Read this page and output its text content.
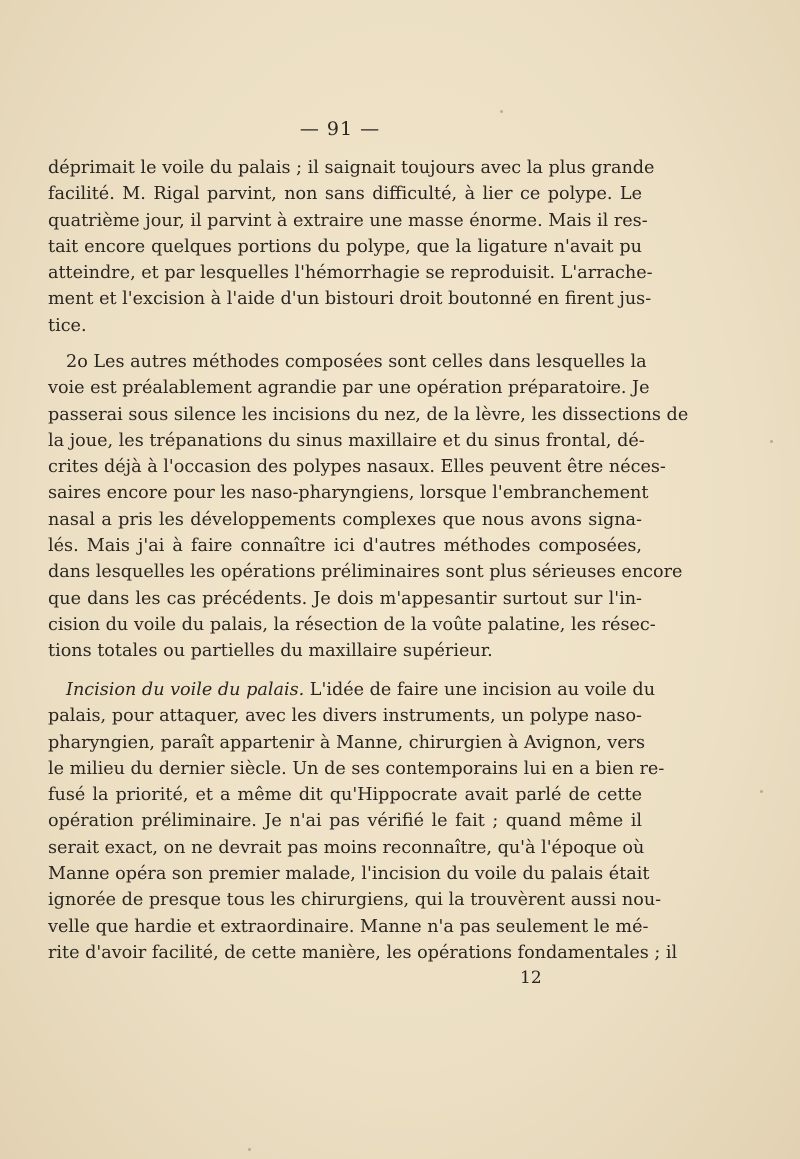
— 91 —
déprimait le voile du palais ; il saignait toujours avec la plus grande
facilité. M. Rigal parvint, non sans difficulté, à lier ce polype. Le
quatrième jour, il parvint à extraire une masse énorme. Mais il res-
tait encore quelques portions du polype, que la ligature n'avait pu
atteindre, et par lesquelles l'hémorrhagie se reproduisit. L'arrache-
ment et l'excision à l'aide d'un bistouri droit boutonné en firent jus-
tice.
2o Les autres méthodes composées sont celles dans lesquelles la
voie est préalablement agrandie par une opération préparatoire. Je
passerai sous silence les incisions du nez, de la lèvre, les dissections de
la joue, les trépanations du sinus maxillaire et du sinus frontal, dé-
crites déjà à l'occasion des polypes nasaux. Elles peuvent être néces-
saires encore pour les naso-pharyngiens, lorsque l'embranchement
nasal a pris les développements complexes que nous avons signa-
lés. Mais j'ai à faire connaître ici d'autres méthodes composées,
dans lesquelles les opérations préliminaires sont plus sérieuses encore
que dans les cas précédents. Je dois m'appesantir surtout sur l'in-
cision du voile du palais, la résection de la voûte palatine, les résec-
tions totales ou partielles du maxillaire supérieur.
Incision du voile du palais. L'idée de faire une incision au voile du
palais, pour attaquer, avec les divers instruments, un polype naso-
pharyngien, paraît appartenir à Manne, chirurgien à Avignon, vers
le milieu du dernier siècle. Un de ses contemporains lui en a bien re-
fusé la priorité, et a même dit qu'Hippocrate avait parlé de cette
opération préliminaire. Je n'ai pas vérifié le fait ; quand même il
serait exact, on ne devrait pas moins reconnaître, qu'à l'époque où
Manne opéra son premier malade, l'incision du voile du palais était
ignorée de presque tous les chirurgiens, qui la trouvèrent aussi nou-
velle que hardie et extraordinaire. Manne n'a pas seulement le mé-
rite d'avoir facilité, de cette manière, les opérations fondamentales ; il
12
